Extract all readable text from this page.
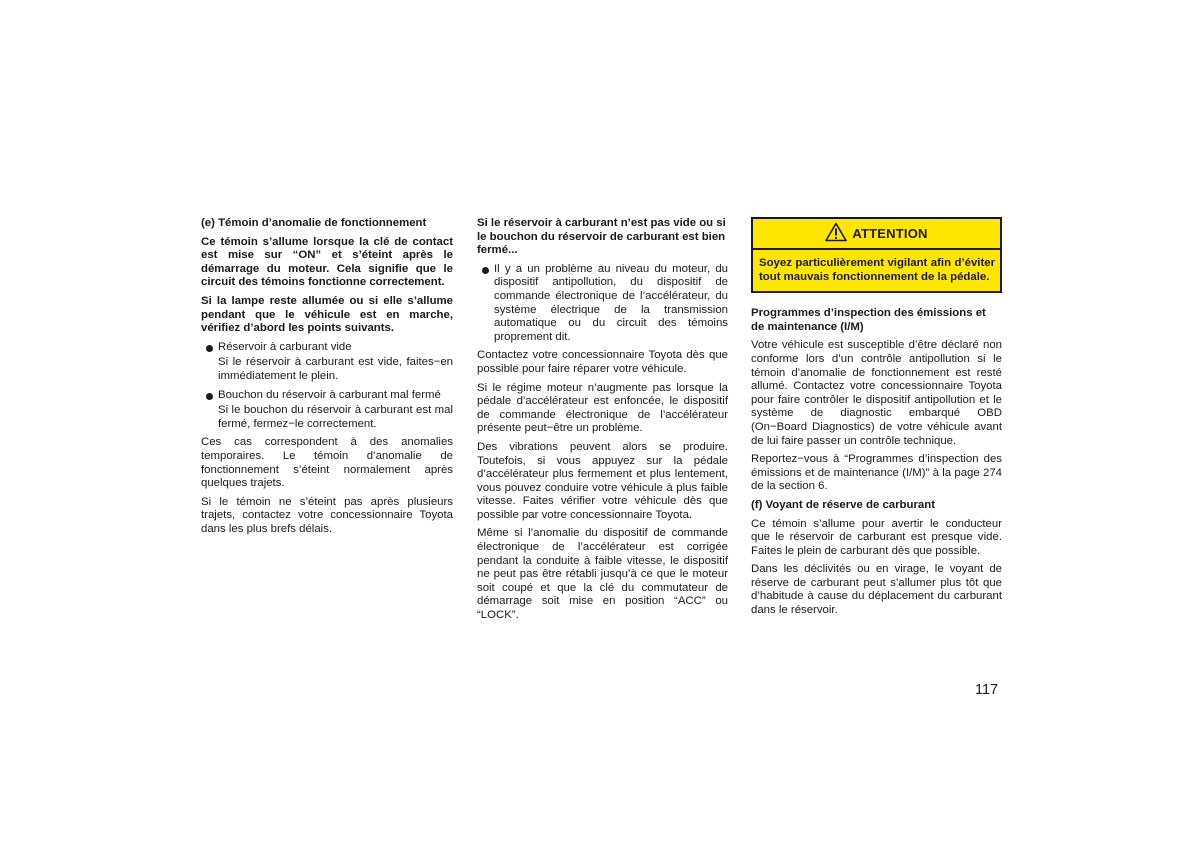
(e) Témoin d’anomalie de fonctionnement
Ce témoin s’allume lorsque la clé de contact est mise sur “ON” et s’éteint après le démarrage du moteur. Cela signifie que le circuit des témoins fonctionne correctement.
Si la lampe reste allumée ou si elle s’allume pendant que le véhicule est en marche, vérifiez d’abord les points suivants.
Réservoir à carburant vide
Si le réservoir à carburant est vide, faites−en immédiatement le plein.
Bouchon du réservoir à carburant mal fermé
Si le bouchon du réservoir à carburant est mal fermé, fermez−le correctement.
Ces cas correspondent à des anomalies temporaires. Le témoin d’anomalie de fonctionnement s’éteint normalement après quelques trajets.
Si le témoin ne s’éteint pas après plusieurs trajets, contactez votre concessionnaire Toyota dans les plus brefs délais.
Si le réservoir à carburant n’est pas vide ou si le bouchon du réservoir de carburant est bien fermé...
Il y a un problème au niveau du moteur, du dispositif antipollution, du dispositif de commande électronique de l’accélérateur, du système électrique de la transmission automatique ou du circuit des témoins proprement dit.
Contactez votre concessionnaire Toyota dès que possible pour faire réparer votre véhicule.
Si le régime moteur n’augmente pas lorsque la pédale d’accélérateur est enfoncée, le dispositif de commande électronique de l’accélérateur présente peut−être un problème.
Des vibrations peuvent alors se produire. Toutefois, si vous appuyez sur la pédale d’accélérateur plus fermement et plus lentement, vous pouvez conduire votre véhicule à plus faible vitesse. Faites vérifier votre véhicule dès que possible par votre concessionnaire Toyota.
Même si l’anomalie du dispositif de commande électronique de l’accélérateur est corrigée pendant la conduite à faible vitesse, le dispositif ne peut pas être rétabli jusqu’à ce que le moteur soit coupé et que la clé du commutateur de démarrage soit mise en position “ACC” ou “LOCK”.
ATTENTION
Soyez particulièrement vigilant afin d’éviter tout mauvais fonctionnement de la pédale.
Programmes d’inspection des émissions et de maintenance (I/M)
Votre véhicule est susceptible d’être déclaré non conforme lors d’un contrôle antipollution si le témoin d’anomalie de fonctionnement est resté allumé. Contactez votre concessionnaire Toyota pour faire contrôler le dispositif antipollution et le système de diagnostic embarqué OBD (On−Board Diagnostics) de votre véhicule avant de lui faire passer un contrôle technique.
Reportez−vous à “Programmes d’inspection des émissions et de maintenance (I/M)” à la page 274 de la section 6.
(f) Voyant de réserve de carburant
Ce témoin s’allume pour avertir le conducteur que le réservoir de carburant est presque vide. Faites le plein de carburant dès que possible.
Dans les déclivités ou en virage, le voyant de réserve de carburant peut s’allumer plus tôt que d’habitude à cause du déplacement du carburant dans le réservoir.
117
